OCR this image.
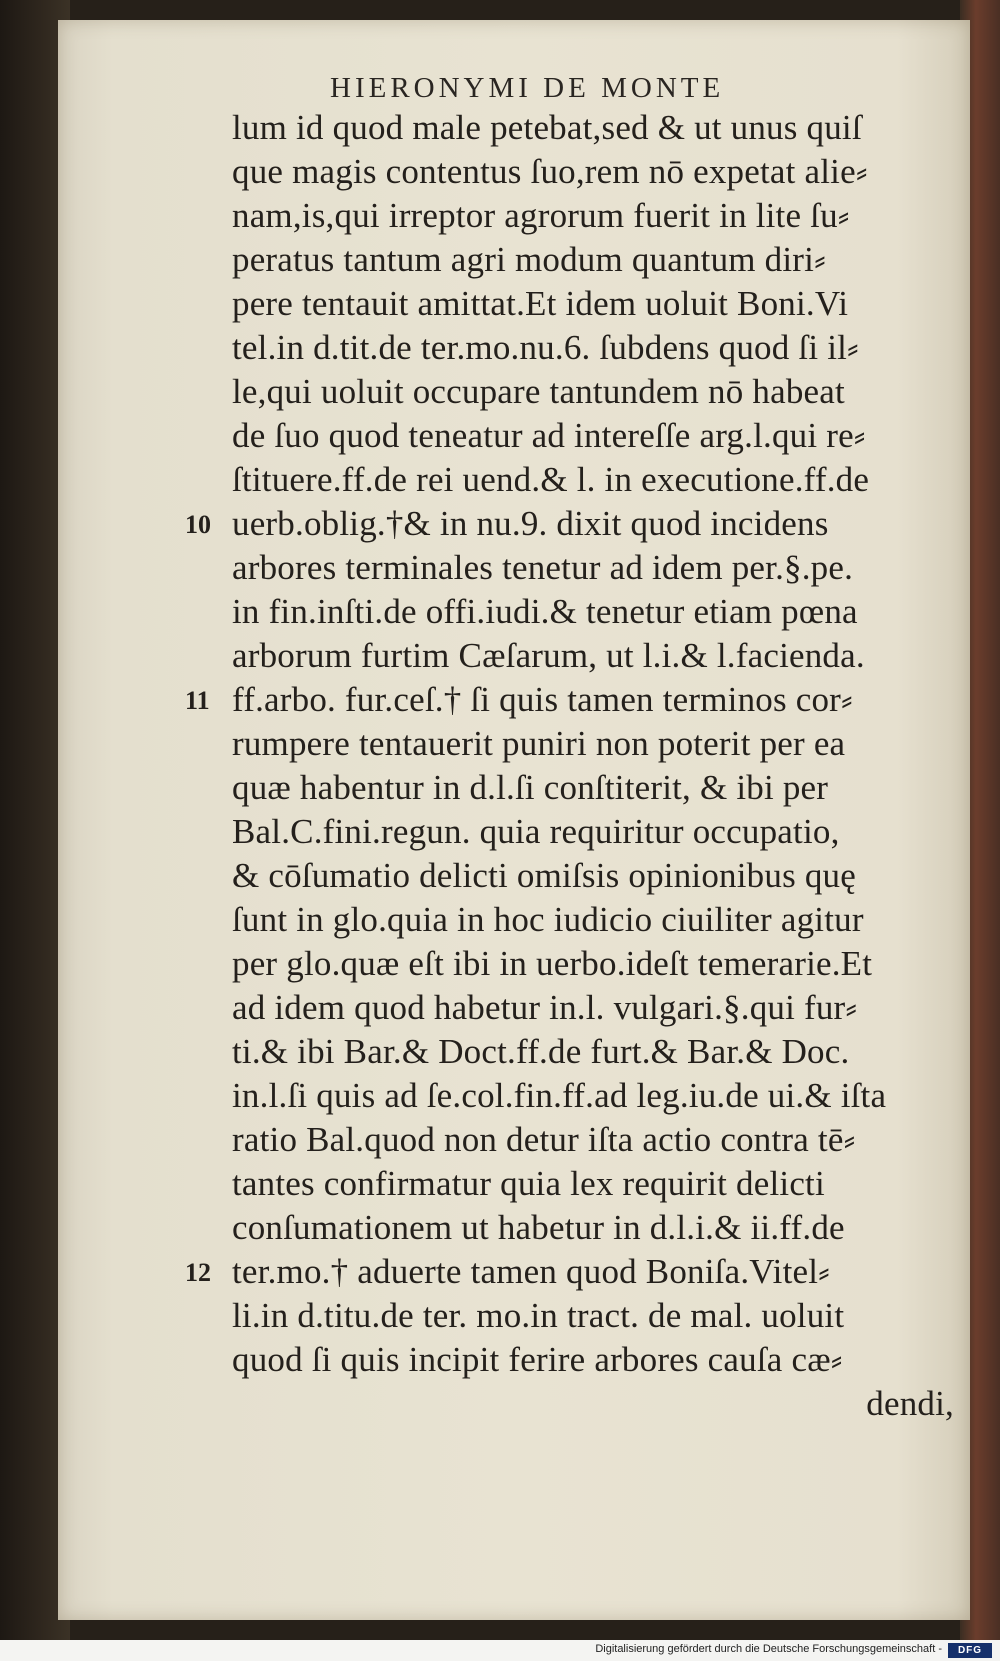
HIERONYMI DE MONTE
lum id quod male petebat,sed & ut unus quiſ
que magis contentus ſuo,rem nō expetat alie⸗
nam,is,qui irreptor agrorum fuerit in lite ſu⸗
peratus tantum agri modum quantum diri⸗
pere tentauit amittat.Et idem uoluit Boni.Vi
tel.in d.tit.de ter.mo.nu.6. ſubdens quod ſi il⸗
le,qui uoluit occupare tantundem nō habeat
de ſuo quod teneatur ad intereſſe arg.l.qui re⸗
ſtituere.ff.de rei uend.& l. in executione.ff.de
uerb.oblig.†& in nu.9. dixit quod incidens
arbores terminales tenetur ad idem per.§.pe.
in fin.inſti.de offi.iudi.& tenetur etiam pœna
arborum furtim Cæſarum, ut l.i.& l.facienda.
ff.arbo. fur.ceſ.† ſi quis tamen terminos cor⸗
rumpere tentauerit puniri non poterit per ea
quæ habentur in d.l.ſi conſtiterit, & ibi per
Bal.C.fini.regun. quia requiritur occupatio,
& cōſumatio delicti omiſsis opinionibus quę
ſunt in glo.quia in hoc iudicio ciuiliter agitur
per glo.quæ eſt ibi in uerbo.ideſt temerarie.Et
ad idem quod habetur in.l. vulgari.§.qui fur⸗
ti.& ibi Bar.& Doct.ff.de furt.& Bar.& Doc.
in.l.ſi quis ad ſe.col.fin.ff.ad leg.iu.de ui.& iſta
ratio Bal.quod non detur iſta actio contra tē⸗
tantes confirmatur quia lex requirit delicti
conſumationem ut habetur in d.l.i.& ii.ff.de
ter.mo.† aduerte tamen quod Boniſa.Vitel⸗
li.in d.titu.de ter. mo.in tract. de mal. uoluit
quod ſi quis incipit ferire arbores cauſa cæ⸗
dendi,
10
11
12
Digitalisierung gefördert durch die Deutsche Forschungsgemeinschaft -	DFG
